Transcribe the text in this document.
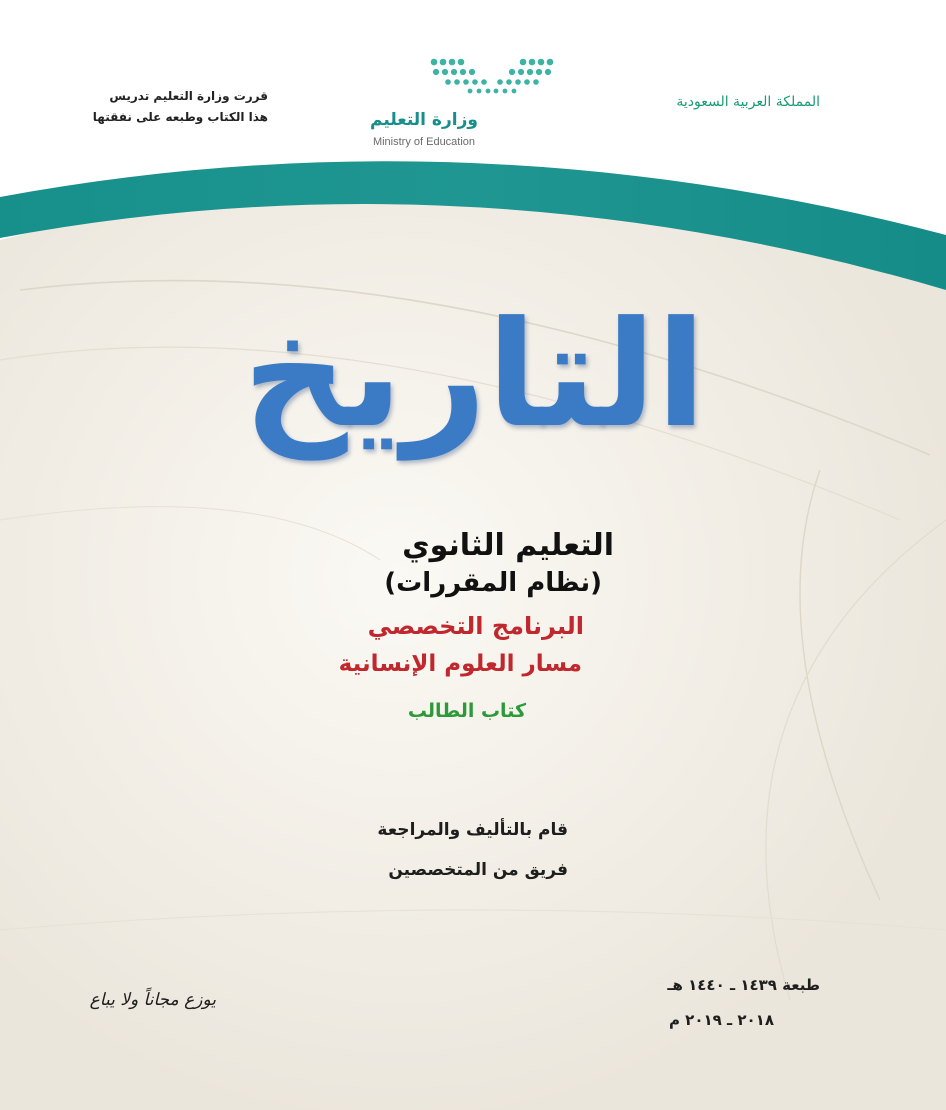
قررت وزارة التعليم تدريس
هذا الكتاب وطبعه على نفقتها	وزارة التعليم
Ministry of Education
المملكة العربية السعودية
التاريخ
التعليم الثانوي
(نظام المقررات)
البرنامج التخصصي
مسار العلوم الإنسانية
كتاب الطالب
قام بالتأليف والمراجعة
فريق من المتخصصين
طبعة ١٤٣٩ ـ ١٤٤٠ هـ
٢٠١٨ ـ ٢٠١٩ م
يوزع مجاناً ولا يباع
